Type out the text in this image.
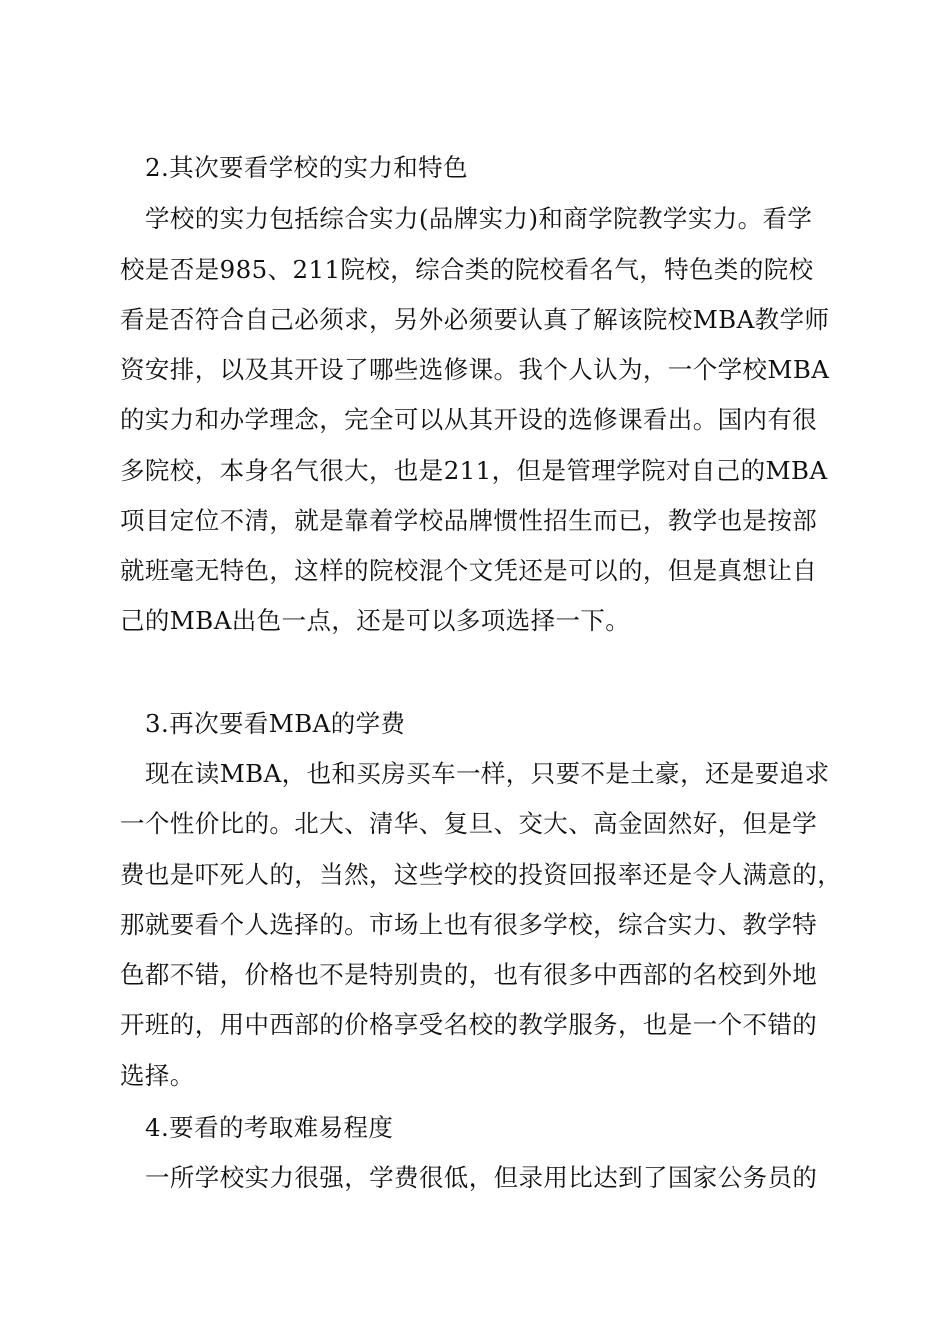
2.其次要看学校的实力和特色

学校的实力包括综合实力(品牌实力)和商学院教学实力。看学

校是否是985、211院校，综合类的院校看名气，特色类的院校

看是否符合自己必须求，另外必须要认真了解该院校MBA教学师

资安排，以及其开设了哪些选修课。我个人认为，一个学校MBA

的实力和办学理念，完全可以从其开设的选修课看出。国内有很

多院校，本身名气很大，也是211，但是管理学院对自己的MBA

项目定位不清，就是靠着学校品牌惯性招生而已，教学也是按部

就班毫无特色，这样的院校混个文凭还是可以的，但是真想让自

己的MBA出色一点，还是可以多项选择一下。

3.再次要看MBA的学费

现在读MBA，也和买房买车一样，只要不是土豪，还是要追求

一个性价比的。北大、清华、复旦、交大、高金固然好，但是学

费也是吓死人的，当然，这些学校的投资回报率还是令人满意的，

那就要看个人选择的。市场上也有很多学校，综合实力、教学特

色都不错，价格也不是特别贵的，也有很多中西部的名校到外地

开班的，用中西部的价格享受名校的教学服务，也是一个不错的

选择。

4.要看的考取难易程度

一所学校实力很强，学费很低，但录用比达到了国家公务员的
